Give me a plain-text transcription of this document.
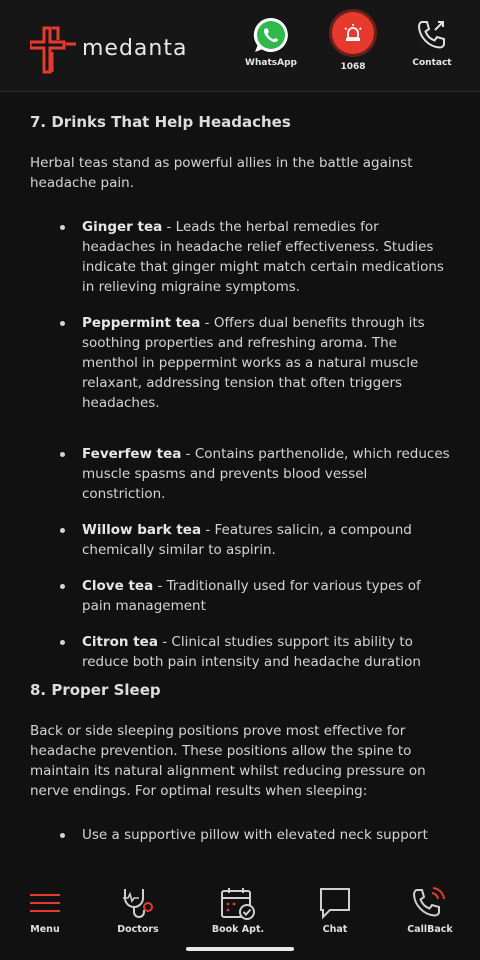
medanta
WhatsApp	1068	Contact
7. Drinks That Help Headaches

Herbal teas stand as powerful allies in the battle against headache pain.

Ginger tea - Leads the herbal remedies for headaches in headache relief effectiveness. Studies indicate that ginger might match certain medications in relieving migraine symptoms.
Peppermint tea - Offers dual benefits through its soothing properties and refreshing aroma. The menthol in peppermint works as a natural muscle relaxant, addressing tension that often triggers headaches.
Feverfew tea - Contains parthenolide, which reduces muscle spasms and prevents blood vessel constriction.
Willow bark tea - Features salicin, a compound chemically similar to aspirin.
Clove tea - Traditionally used for various types of pain management
Citron tea - Clinical studies support its ability to reduce both pain intensity and headache duration
8. Proper Sleep

Back or side sleeping positions prove most effective for headache prevention. These positions allow the spine to maintain its natural alignment whilst reducing pressure on nerve endings. For optimal results when sleeping:

Use a supportive pillow with elevated neck support
Menu	Doctors	Book Apt.	Chat	CallBack
